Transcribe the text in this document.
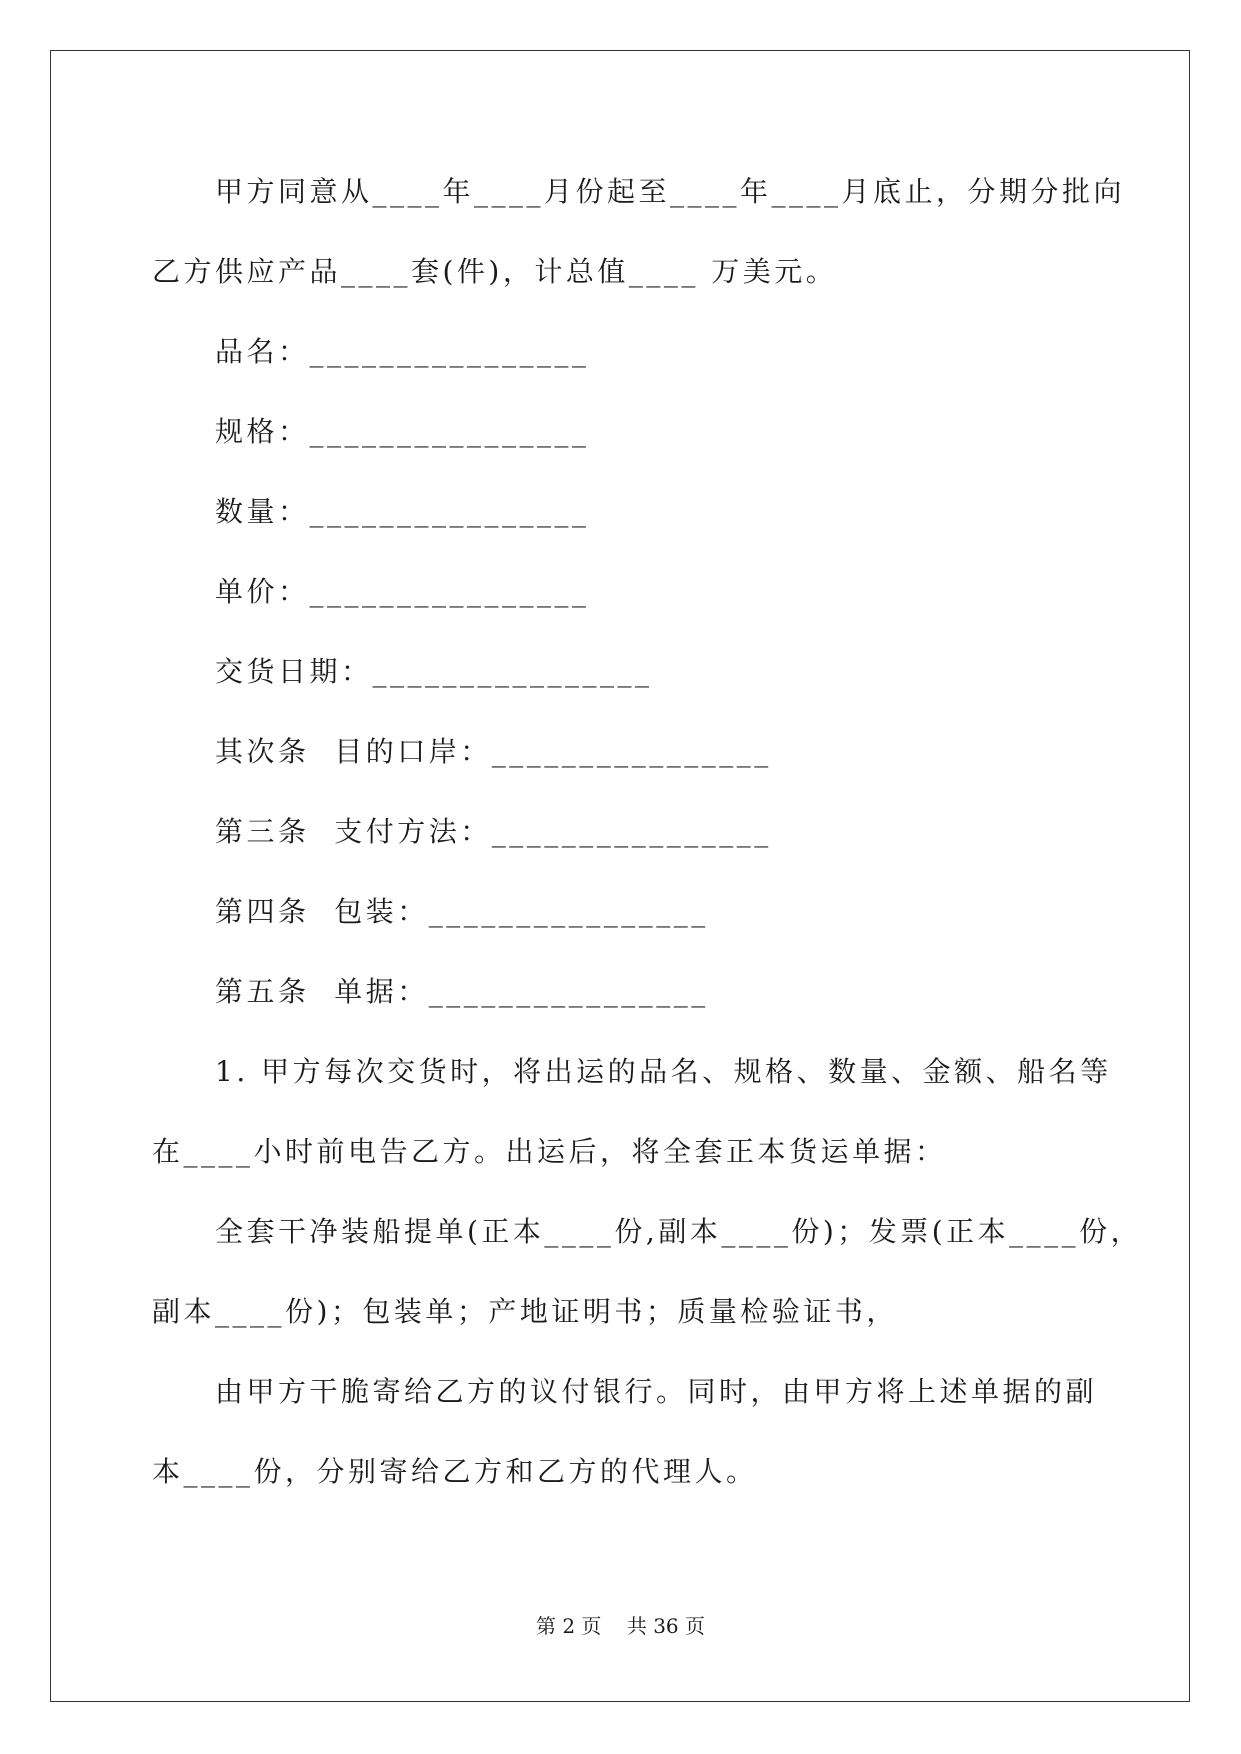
甲方同意从____年____月份起至____年____月底止，分期分批向
乙方供应产品____套(件)，计总值____ 万美元。
品名：________________
规格：________________
数量：________________
单价：________________
交货日期：________________
其次条  目的口岸：________________
第三条  支付方法：________________
第四条  包装：________________
第五条  单据：________________
1. 甲方每次交货时，将出运的品名、规格、数量、金额、船名等
在____小时前电告乙方。出运后，将全套正本货运单据：
全套干净装船提单(正本____份,副本____份)；发票(正本____份，
副本____份)；包装单；产地证明书；质量检验证书，
由甲方干脆寄给乙方的议付银行。同时，由甲方将上述单据的副
本____份，分别寄给乙方和乙方的代理人。
第 2 页    共 36 页
